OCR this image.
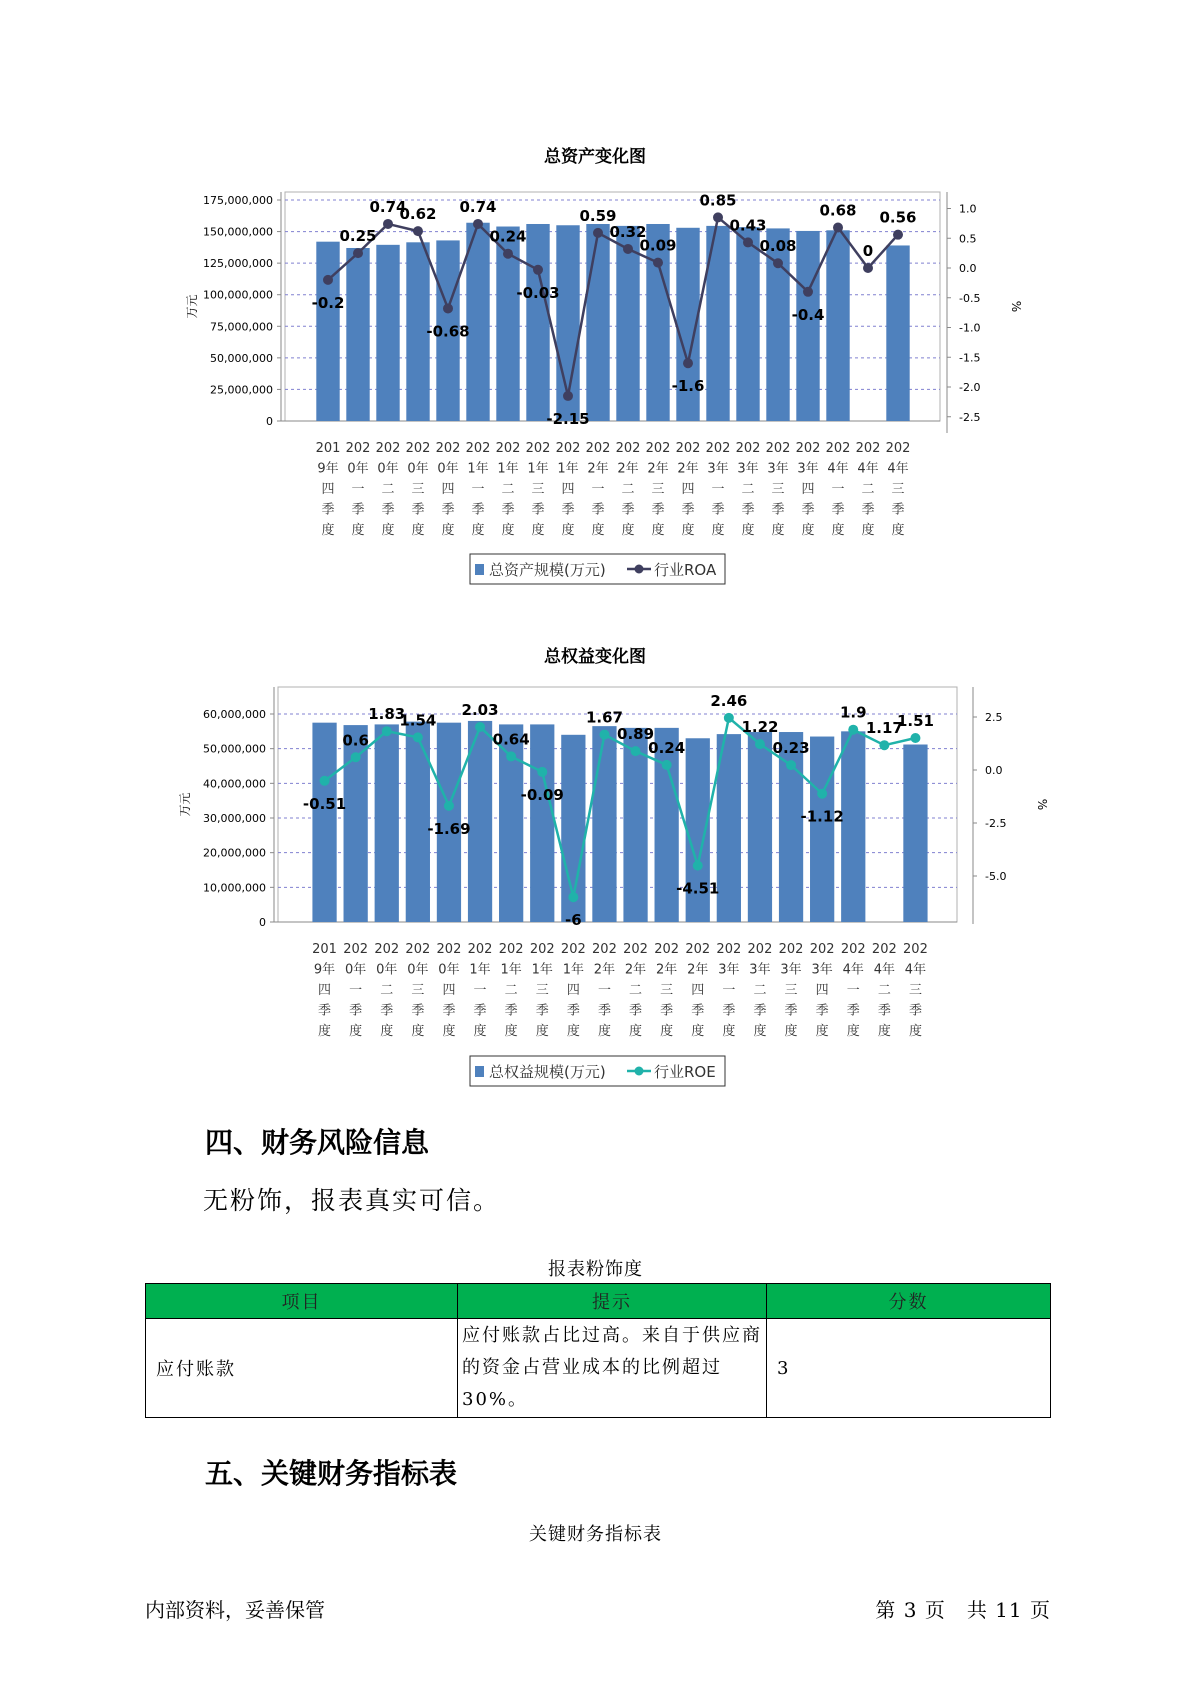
总资产变化图
175,000,000
150,000,000
125,000,000
100,000,000
75,000,000
50,000,000
25,000,000
0
万元
1.0
0.5
0.0
-0.5
-1.0
-1.5
-2.0
-2.5
%
201
9年
四
季
度
202
0年
一
季
度
202
0年
二
季
度
202
0年
三
季
度
202
0年
四
季
度
202
1年
一
季
度
202
1年
二
季
度
202
1年
三
季
度
202
1年
四
季
度
202
2年
一
季
度
202
2年
二
季
度
202
2年
三
季
度
202
2年
四
季
度
202
3年
一
季
度
202
3年
二
季
度
202
3年
三
季
度
202
3年
四
季
度
202
4年
一
季
度
202
4年
二
季
度
202
4年
三
季
度
-0.2
0.25
0.74
0.62
-0.68
0.74
0.24
-0.03
-2.15
0.59
0.32
0.09
-1.6
0.85
0.43
0.08
-0.4
0.68
0
0.56
总资产规模(万元)	行业ROA
总权益变化图
60,000,000
50,000,000
40,000,000
30,000,000
20,000,000
10,000,000
0
万元
2.5
0.0
-2.5
-5.0
%
201
9年
四
季
度
202
0年
一
季
度
202
0年
二
季
度
202
0年
三
季
度
202
0年
四
季
度
202
1年
一
季
度
202
1年
二
季
度
202
1年
三
季
度
202
1年
四
季
度
202
2年
一
季
度
202
2年
二
季
度
202
2年
三
季
度
202
2年
四
季
度
202
3年
一
季
度
202
3年
二
季
度
202
3年
三
季
度
202
3年
四
季
度
202
4年
一
季
度
202
4年
二
季
度
202
4年
三
季
度
-0.51
0.6
1.83
1.54
-1.69
2.03
0.64
-0.09
-6
1.67
0.89
0.24
-4.51
2.46
1.22
0.23
-1.12
1.9
1.17
1.51
总权益规模(万元)	行业ROE
四、财务风险信息
无粉饰，报表真实可信。
报表粉饰度
项目	提示	分数
应付账款	应付账款占比过高。来自于供应商的资金占营业成本的比例超过30%。	3
五、关键财务指标表
关键财务指标表
内部资料，妥善保管	第 3 页　共 11 页
